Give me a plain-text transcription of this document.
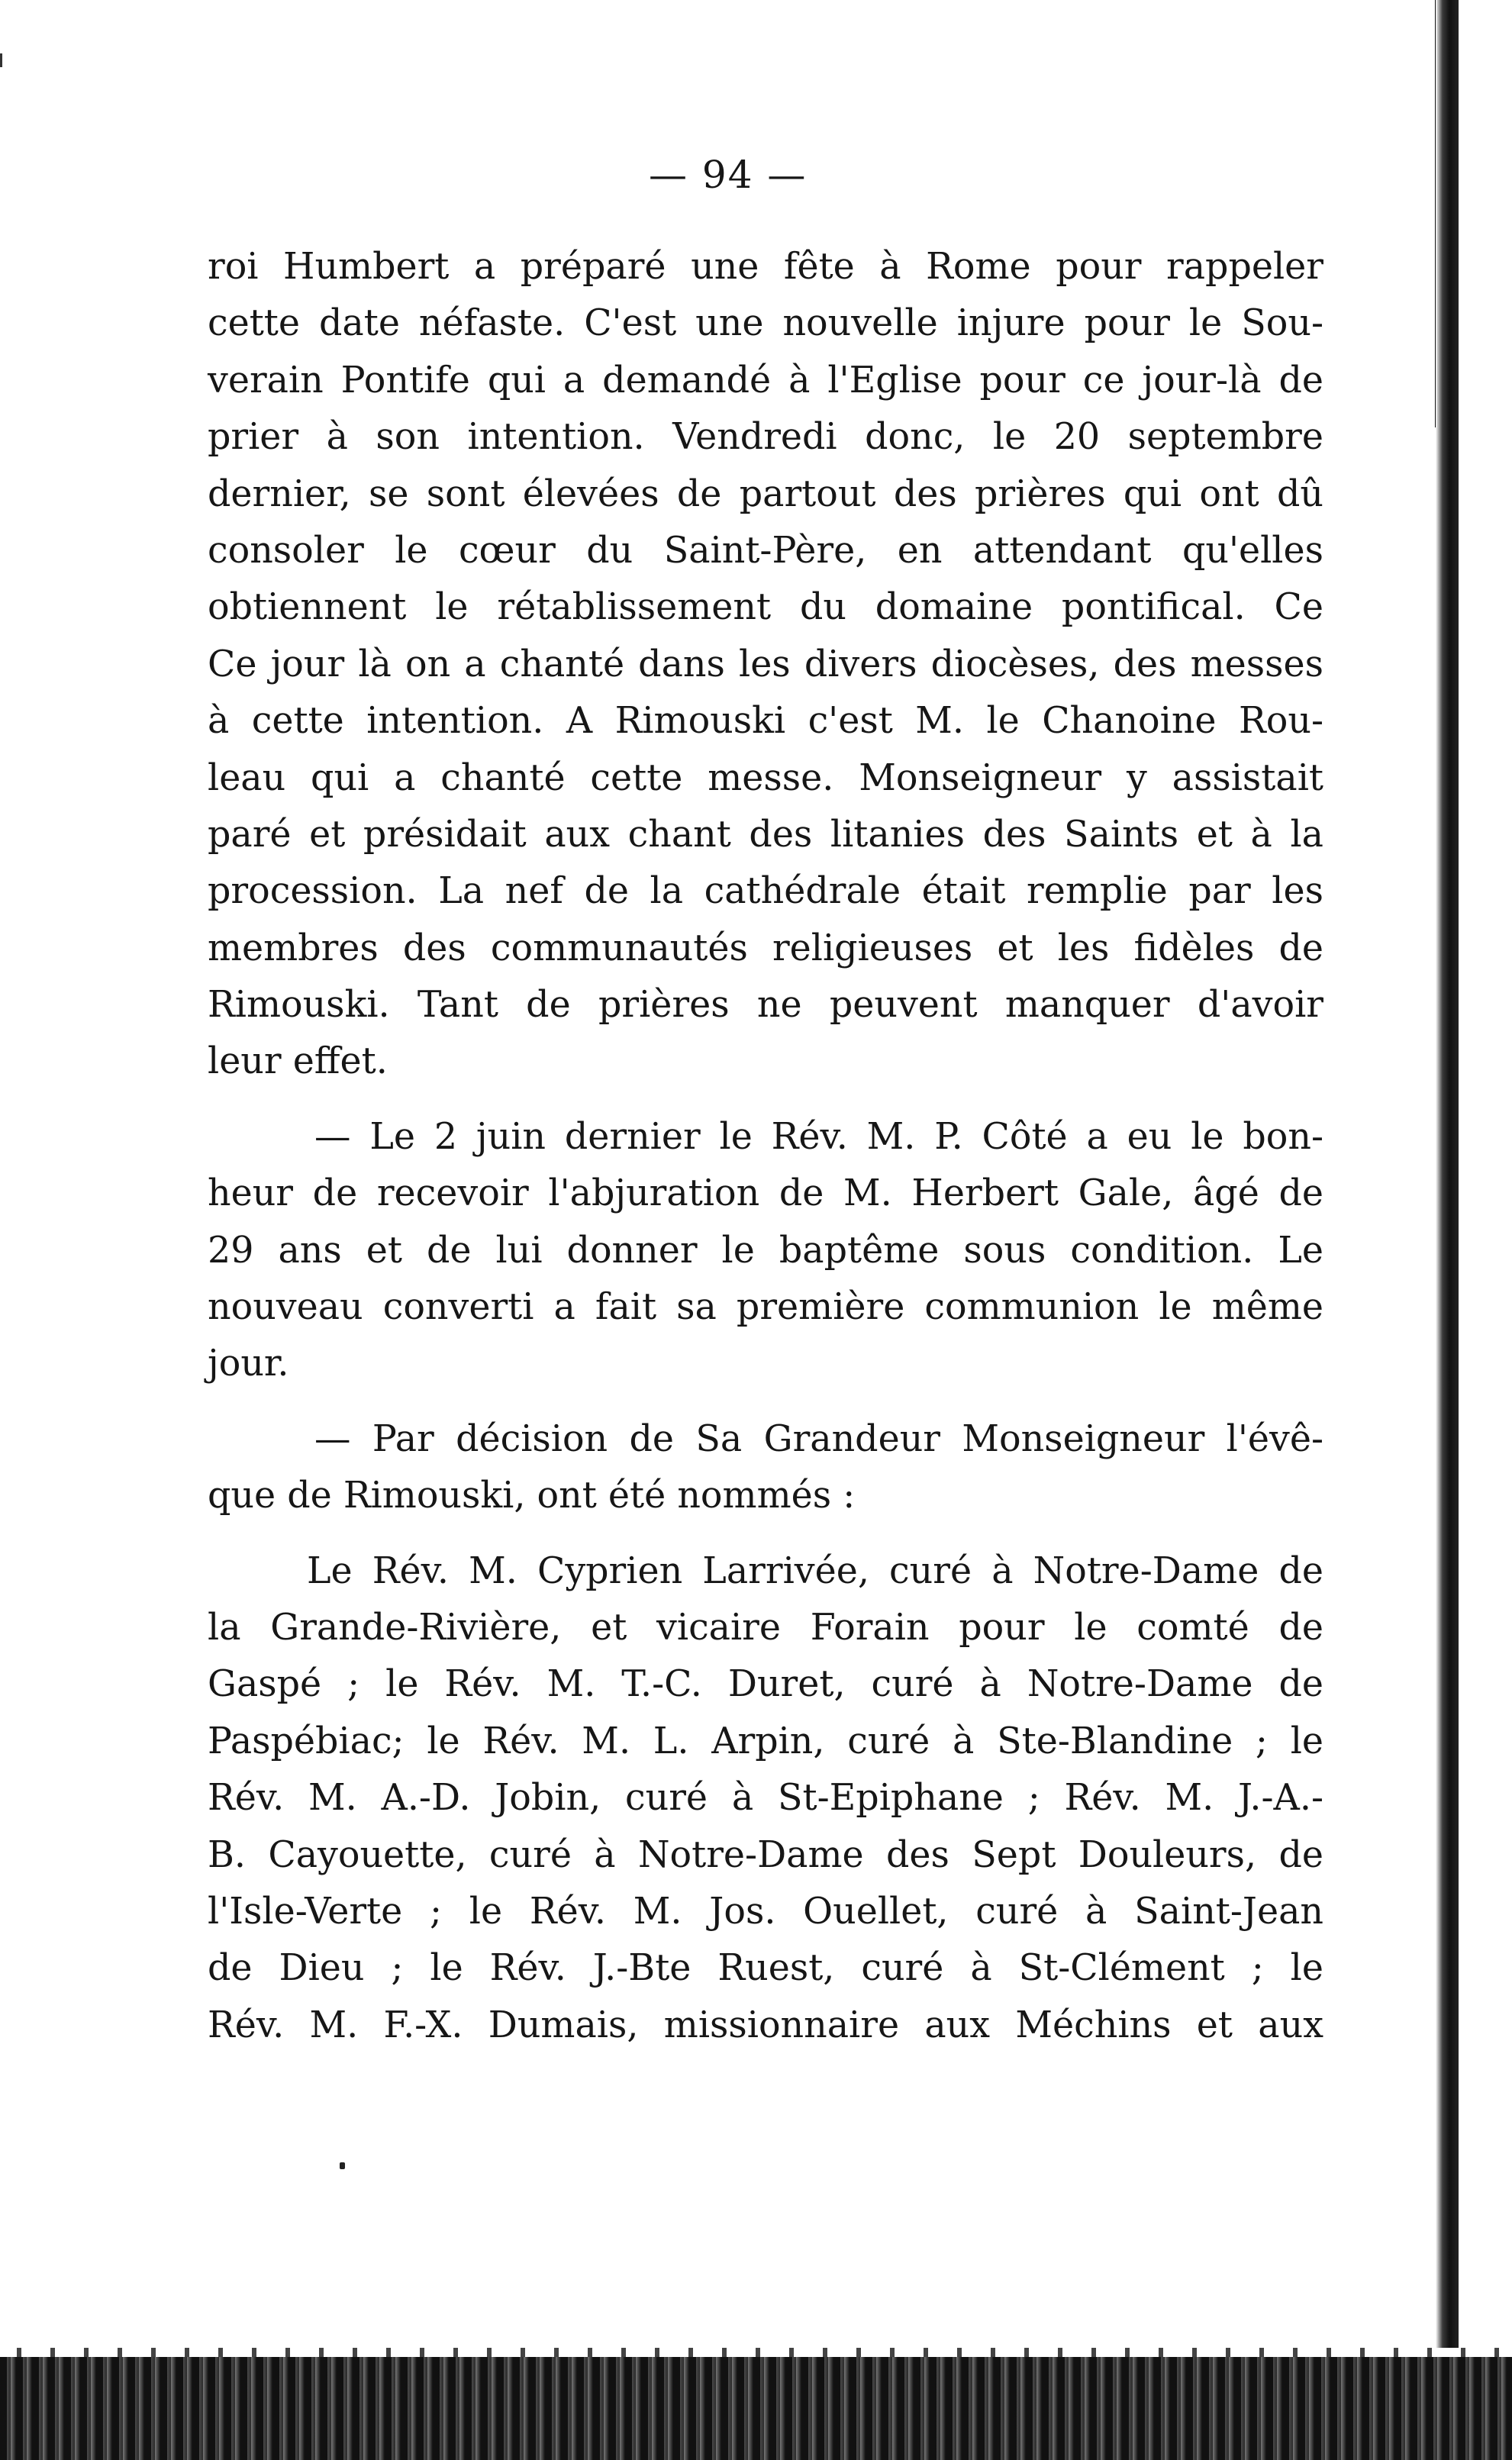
— 94 —
roi Humbert a préparé une fête à Rome pour rappeler
cette date néfaste. C'est une nouvelle injure pour le Sou-
verain Pontife qui a demandé à l'Eglise pour ce jour-là de
prier à son intention. Vendredi donc, le 20 septembre
dernier, se sont élevées de partout des prières qui ont dû
consoler le cœur du Saint-Père, en attendant qu'elles
obtiennent le rétablissement du domaine pontifical. Ce
Ce jour là on a chanté dans les divers diocèses, des messes
à cette intention. A Rimouski c'est M. le Chanoine Rou-
leau qui a chanté cette messe. Monseigneur y assistait
paré et présidait aux chant des litanies des Saints et à la
procession. La nef de la cathédrale était remplie par les
membres des communautés religieuses et les fidèles de
Rimouski. Tant de prières ne peuvent manquer d'avoir
leur effet.
— Le 2 juin dernier le Rév. M. P. Côté a eu le bon-
heur de recevoir l'abjuration de M. Herbert Gale, âgé de
29 ans et de lui donner le baptême sous condition. Le
nouveau converti a fait sa première communion le même
jour.
— Par décision de Sa Grandeur Monseigneur l'évê-
que de Rimouski, ont été nommés :
Le Rév. M. Cyprien Larrivée, curé à Notre-Dame de
la Grande-Rivière, et vicaire Forain pour le comté de
Gaspé ; le Rév. M. T.-C. Duret, curé à Notre-Dame de
Paspébiac; le Rév. M. L. Arpin, curé à Ste-Blandine ; le
Rév. M. A.-D. Jobin, curé à St-Epiphane ; Rév. M. J.-A.-
B. Cayouette, curé à Notre-Dame des Sept Douleurs, de
l'Isle-Verte ; le Rév. M. Jos. Ouellet, curé à Saint-Jean
de Dieu ; le Rév. J.-Bte Ruest, curé à St-Clément ; le
Rév. M. F.-X. Dumais, missionnaire aux Méchins et aux
